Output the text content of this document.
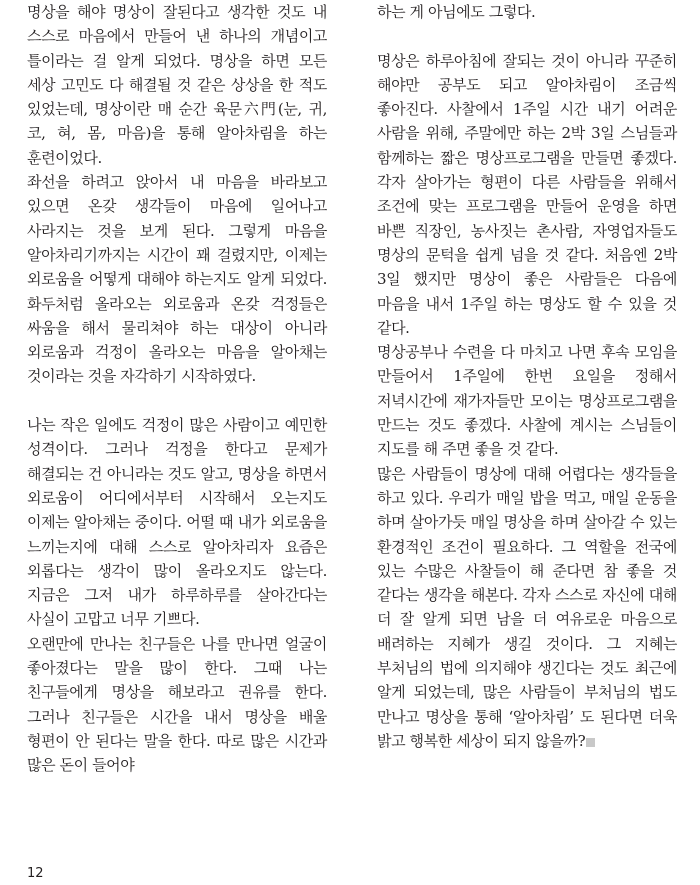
명상을 해야 명상이 잘된다고 생각한 것도 내 스스로 마음에서 만들어 낸 하나의 개념이고 틀이라는 걸 알게 되었다. 명상을 하면 모든 세상 고민도 다 해결될 것 같은 상상을 한 적도 있었는데, 명상이란 매 순간 육문六門(눈, 귀, 코, 혀, 몸, 마음)을 통해 알아차림을 하는 훈련이었다.

좌선을 하려고 앉아서 내 마음을 바라보고 있으면 온갖 생각들이 마음에 일어나고 사라지는 것을 보게 된다. 그렇게 마음을 알아차리기까지는 시간이 꽤 걸렸지만, 이제는 외로움을 어떻게 대해야 하는지도 알게 되었다. 화두처럼 올라오는 외로움과 온갖 걱정들은 싸움을 해서 물리쳐야 하는 대상이 아니라 외로움과 걱정이 올라오는 마음을 알아채는 것이라는 것을 자각하기 시작하였다.

나는 작은 일에도 걱정이 많은 사람이고 예민한 성격이다. 그러나 걱정을 한다고 문제가 해결되는 건 아니라는 것도 알고, 명상을 하면서 외로움이 어디에서부터 시작해서 오는지도 이제는 알아채는 중이다. 어떨 때 내가 외로움을 느끼는지에 대해 스스로 알아차리자 요즘은 외롭다는 생각이 많이 올라오지도 않는다. 지금은 그저 내가 하루하루를 살아간다는 사실이 고맙고 너무 기쁘다.

오랜만에 만나는 친구들은 나를 만나면 얼굴이 좋아졌다는 말을 많이 한다. 그때 나는 친구들에게 명상을 해보라고 권유를 한다. 그러나 친구들은 시간을 내서 명상을 배울 형편이 안 된다는 말을 한다. 따로 많은 시간과 많은 돈이 들어야

하는 게 아님에도 그렇다.

명상은 하루아침에 잘되는 것이 아니라 꾸준히 해야만 공부도 되고 알아차림이 조금씩 좋아진다. 사찰에서 1주일 시간 내기 어려운 사람을 위해, 주말에만 하는 2박 3일 스님들과 함께하는 짧은 명상프로그램을 만들면 좋겠다. 각자 살아가는 형편이 다른 사람들을 위해서 조건에 맞는 프로그램을 만들어 운영을 하면 바쁜 직장인, 농사짓는 촌사람, 자영업자들도 명상의 문턱을 쉽게 넘을 것 같다. 처음엔 2박 3일 했지만 명상이 좋은 사람들은 다음에 마음을 내서 1주일 하는 명상도 할 수 있을 것 같다.

명상공부나 수련을 다 마치고 나면 후속 모임을 만들어서 1주일에 한번 요일을 정해서 저녁시간에 재가자들만 모이는 명상프로그램을 만드는 것도 좋겠다. 사찰에 계시는 스님들이 지도를 해 주면 좋을 것 같다.

많은 사람들이 명상에 대해 어렵다는 생각들을 하고 있다. 우리가 매일 밥을 먹고, 매일 운동을 하며 살아가듯 매일 명상을 하며 살아갈 수 있는 환경적인 조건이 필요하다. 그 역할을 전국에 있는 수많은 사찰들이 해 준다면 참 좋을 것 같다는 생각을 해본다. 각자 스스로 자신에 대해 더 잘 알게 되면 남을 더 여유로운 마음으로 배려하는 지혜가 생길 것이다. 그 지혜는 부처님의 법에 의지해야 생긴다는 것도 최근에 알게 되었는데, 많은 사람들이 부처님의 법도 만나고 명상을 통해 ‘알아차림’ 도 된다면 더욱 밝고 행복한 세상이 되지 않을까?

12
